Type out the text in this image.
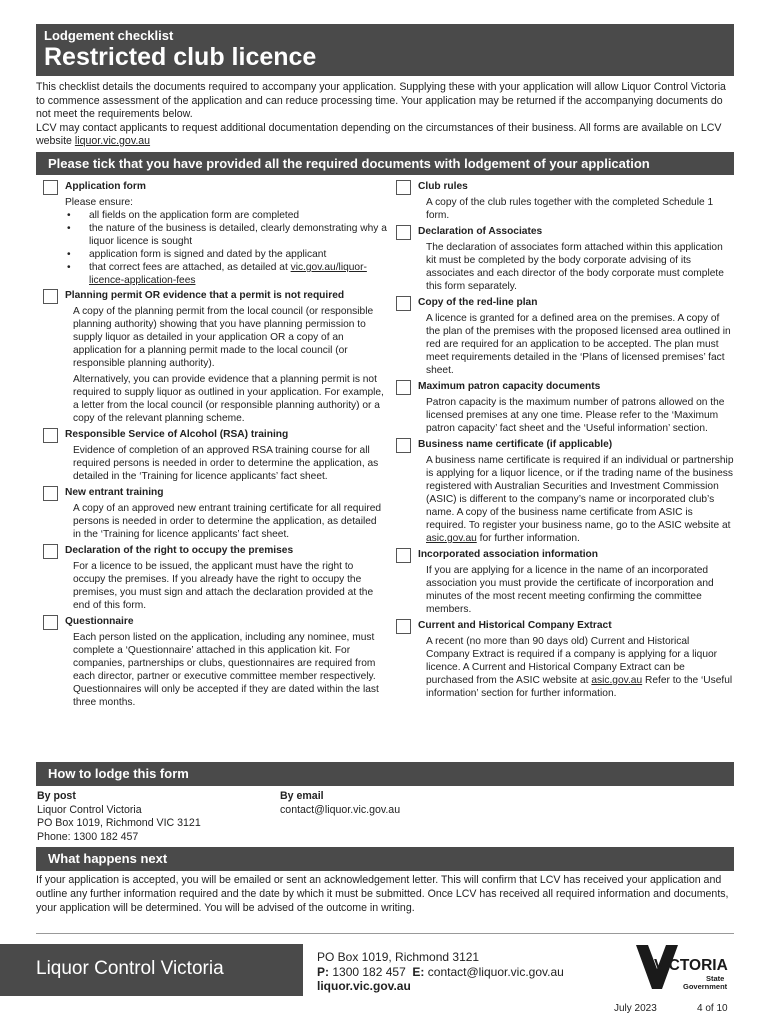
Lodgement checklist
Restricted club licence

This checklist details the documents required to accompany your application. Supplying these with your application will allow Liquor Control Victoria to commence assessment of the application and can reduce processing time. Your application may be returned if the accompanying documents do not meet the requirements below.

LCV may contact applicants to request additional documentation depending on the circumstances of their business. All forms are available on LCV website liquor.vic.gov.au

Please tick that you have provided all the required documents with lodgement of your application
Application form
Please ensure:
• all fields on the application form are completed
• the nature of the business is detailed, clearly demonstrating why a liquor licence is sought
• application form is signed and dated by the applicant
• that correct fees are attached, as detailed at vic.gov.au/liquor-licence-application-fees
Planning permit OR evidence that a permit is not required

A copy of the planning permit from the local council (or responsible planning authority) showing that you have planning permission to supply liquor as detailed in your application OR a copy of an application for a planning permit made to the local council (or responsible planning authority).

Alternatively, you can provide evidence that a planning permit is not required to supply liquor as outlined in your application. For example, a letter from the local council (or responsible planning authority) or a copy of the relevant planning scheme.

Responsible Service of Alcohol (RSA) training

Evidence of completion of an approved RSA training course for all required persons is needed in order to determine the application, as detailed in the ‘Training for licence applicants’ fact sheet.

New entrant training

A copy of an approved new entrant training certificate for all required persons is needed in order to determine the application, as detailed in the ‘Training for licence applicants’ fact sheet.

Declaration of the right to occupy the premises

For a licence to be issued, the applicant must have the right to occupy the premises. If you already have the right to occupy the premises, you must sign and attach the declaration provided at the end of this form.

Questionnaire

Each person listed on the application, including any nominee, must complete a ‘Questionnaire’ attached in this application kit. For companies, partnerships or clubs, questionnaires are required from each director, partner or executive committee member respectively. Questionnaires will only be accepted if they are dated within the last three months.

Club rules

A copy of the club rules together with the completed Schedule 1 form.

Declaration of Associates

The declaration of associates form attached within this application kit must be completed by the body corporate advising of its associates and each director of the body corporate must complete this form separately.

Copy of the red-line plan

A licence is granted for a defined area on the premises. A copy of the plan of the premises with the proposed licensed area outlined in red are required for an application to be accepted. The plan must meet requirements detailed in the ‘Plans of licensed premises’ fact sheet.

Maximum patron capacity documents

Patron capacity is the maximum number of patrons allowed on the licensed premises at any one time. Please refer to the ‘Maximum patron capacity’ fact sheet and the ‘Useful information’ section.

Business name certificate (if applicable)

A business name certificate is required if an individual or partnership is applying for a liquor licence, or if the trading name of the business registered with Australian Securities and Investment Commission (ASIC) is different to the company’s name or incorporated club’s name. A copy of the business name certificate from ASIC is required. To register your business name, go to the ASIC website at asic.gov.au for further information.

Incorporated association information

If you are applying for a licence in the name of an incorporated association you must provide the certificate of incorporation and minutes of the most recent meeting confirming the committee members.

Current and Historical Company Extract

A recent (no more than 90 days old) Current and Historical Company Extract is required if a company is applying for a liquor licence. A Current and Historical Company Extract can be purchased from the ASIC website at asic.gov.au Refer to the ‘Useful information’ section for further information.

How to lodge this form
By post
Liquor Control Victoria
PO Box 1019, Richmond VIC 3121
Phone: 1300 182 457
By email
contact@liquor.vic.gov.au
What happens next
If your application is accepted, you will be emailed or sent an acknowledgement letter. This will confirm that LCV has received your application and outline any further information required and the date by which it must be submitted. Once LCV has received all required information and documents, your application will be determined. You will be advised of the outcome in writing.
Liquor Control Victoria
PO Box 1019, Richmond 3121
P: 1300 182 457 E: contact@liquor.vic.gov.au
liquor.vic.gov.au
VICTORIA
State
Government
July 2023	4 of 10
